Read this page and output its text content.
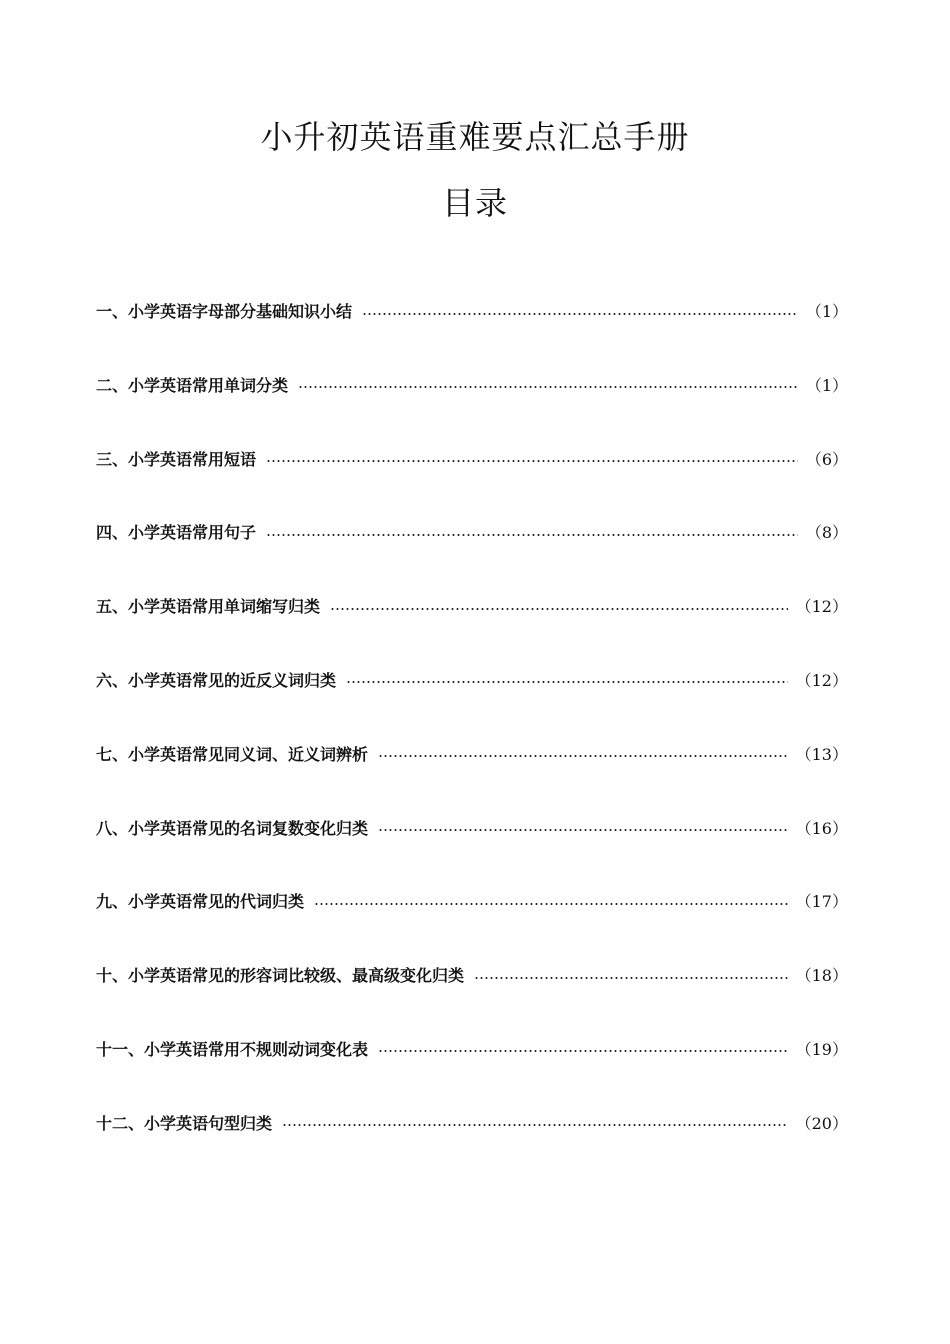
小升初英语重难要点汇总手册
目录
一、小学英语字母部分基础知识小结	（1）
二、小学英语常用单词分类	（1）
三、小学英语常用短语	（6）
四、小学英语常用句子	（8）
五、小学英语常用单词缩写归类	（12）
六、小学英语常见的近反义词归类	（12）
七、小学英语常见同义词、近义词辨析	（13）
八、小学英语常见的名词复数变化归类	（16）
九、小学英语常见的代词归类	（17）
十、小学英语常见的形容词比较级、最高级变化归类	（18）
十一、小学英语常用不规则动词变化表	（19）
十二、小学英语句型归类	（20）
